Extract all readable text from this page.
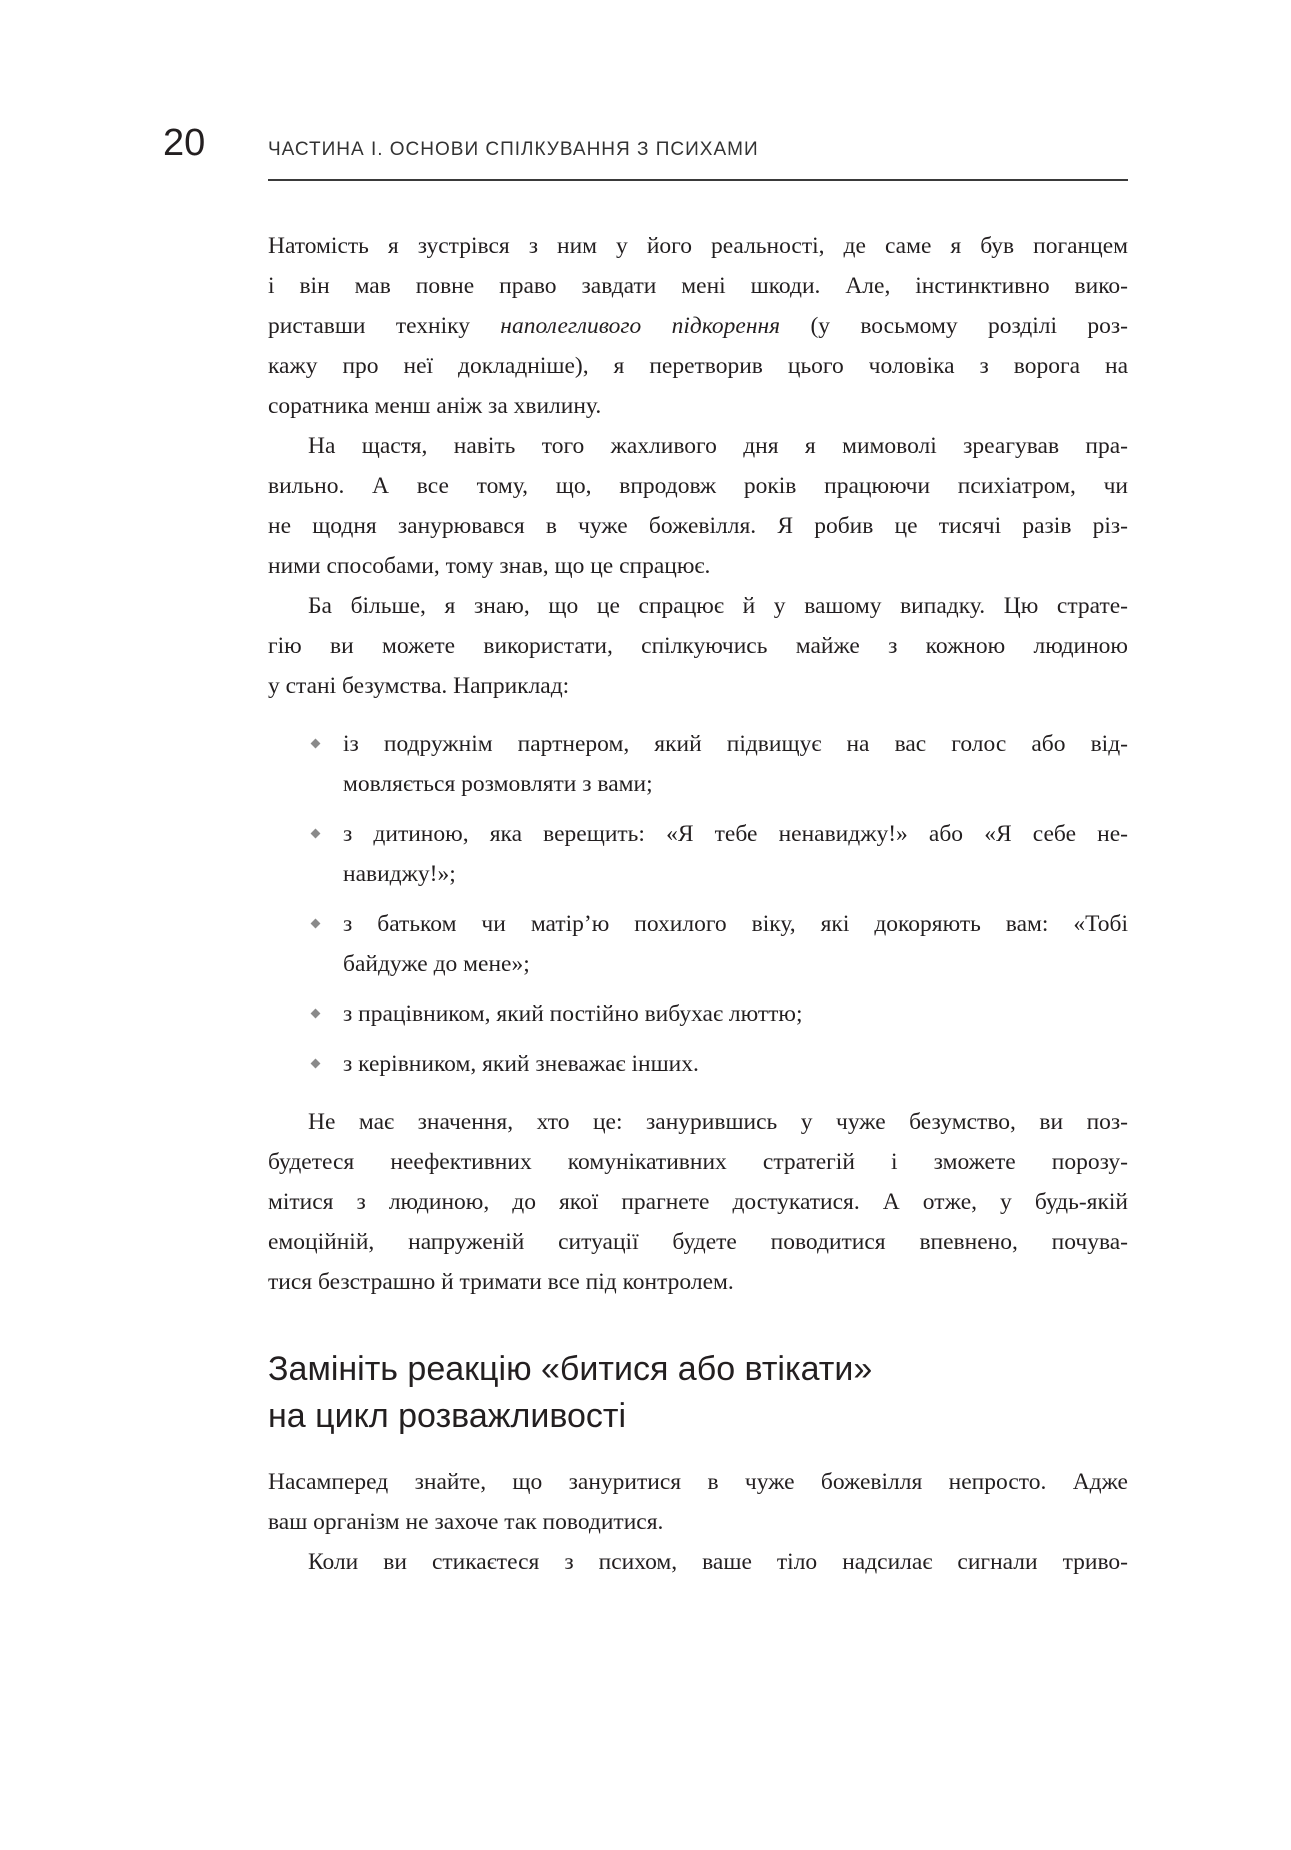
20	ЧАСТИНА І. ОСНОВИ СПІЛКУВАННЯ З ПСИХАМИ
Натомість я зустрівся з ним у його реальності, де саме я був поганцем
і він мав повне право завдати мені шкоди. Але, інстинктивно вико-
риставши техніку наполегливого підкорення (у восьмому розділі роз-
кажу про неї докладніше), я перетворив цього чоловіка з ворога на
соратника менш аніж за хвилину.
На щастя, навіть того жахливого дня я мимоволі зреагував пра-
вильно. А все тому, що, впродовж років працюючи психіатром, чи
не щодня занурювався в чуже божевілля. Я робив це тисячі разів різ-
ними способами, тому знав, що це спрацює.
Ба більше, я знаю, що це спрацює й у вашому випадку. Цю страте-
гію ви можете використати, спілкуючись майже з кожною людиною
у стані безумства. Наприклад:
із подружнім партнером, який підвищує на вас голос або від-
мовляється розмовляти з вами;
з дитиною, яка верещить: «Я тебе ненавиджу!» або «Я себе не-
навиджу!»;
з батьком чи матір’ю похилого віку, які докоряють вам: «Тобі
байдуже до мене»;
з працівником, який постійно вибухає люттю;
з керівником, який зневажає інших.
Не має значення, хто це: занурившись у чуже безумство, ви поз-
будетеся неефективних комунікативних стратегій і зможете порозу-
мітися з людиною, до якої прагнете достукатися. А отже, у будь-якій
емоційній, напруженій ситуації будете поводитися впевнено, почува-
тися безстрашно й тримати все під контролем.
Замініть реакцію «битися або втікати»
на цикл розважливості
Насамперед знайте, що зануритися в чуже божевілля непросто. Адже
ваш організм не захоче так поводитися.
Коли ви стикаєтеся з психом, ваше тіло надсилає сигнали триво-
